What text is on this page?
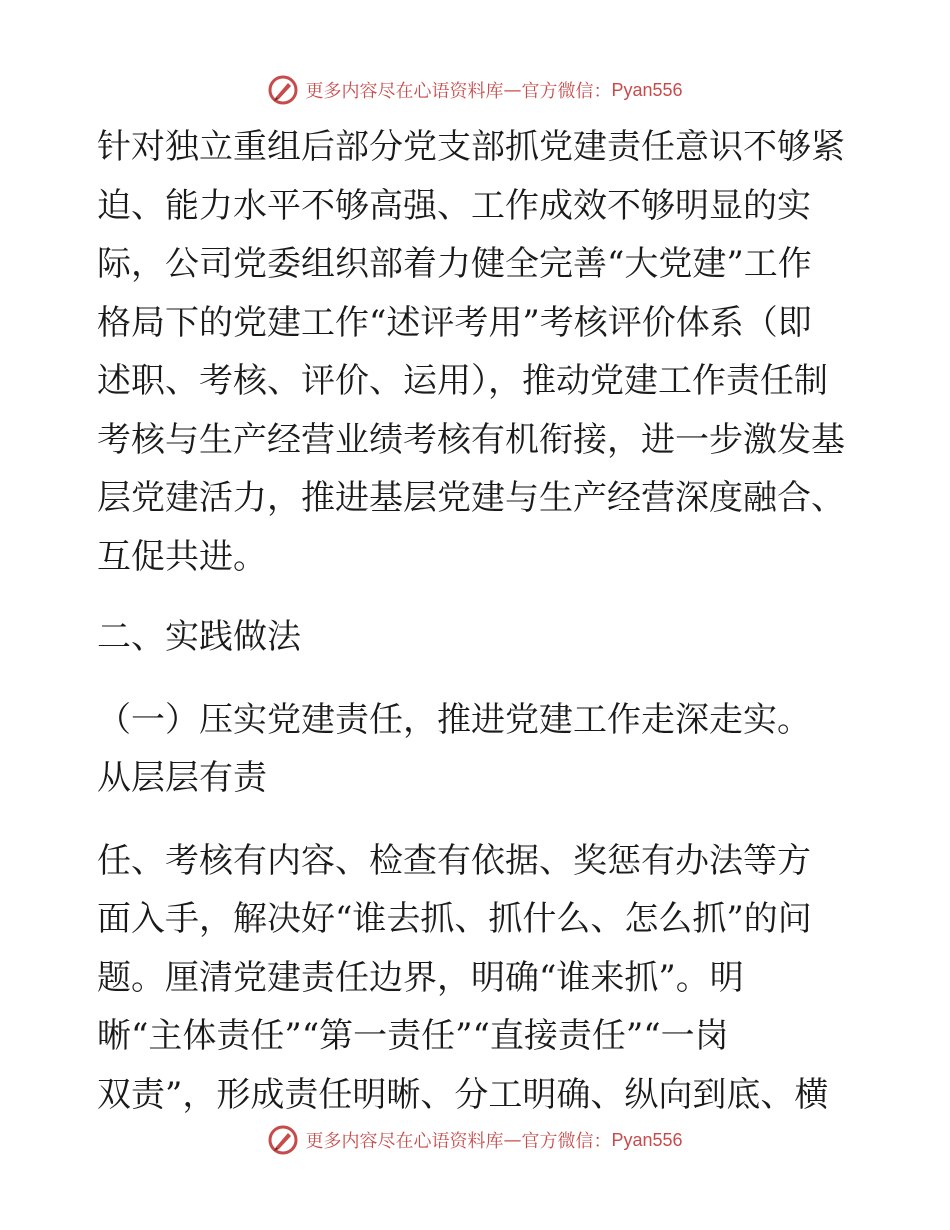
更多内容尽在心语资料库 — 官方微信： Pyan556

针对独立重组后部分党支部抓党建责任意识不够紧

迫、能力水平不够高强、工作成效不够明显的实

际，公司党委组织部着力健全完善“大党建”工作

格局下的党建工作“述评考用”考核评价体系（即

述职、考核、评价、运用），推动党建工作责任制

考核与生产经营业绩考核有机衔接，进一步激发基

层党建活力，推进基层党建与生产经营深度融合、

互促共进。

二、实践做法

（一）压实党建责任，推进党建工作走深走实。

从层层有责

任、考核有内容、检查有依据、奖惩有办法等方

面入手，解决好“谁去抓、抓什么、怎么抓”的问

题。厘清党建责任边界，明确“谁来抓”。明

晰“主体责任”“第一责任”“直接责任”“一岗

双责”，形成责任明晰、分工明确、纵向到底、横

更多内容尽在心语资料库 — 官方微信： Pyan556
